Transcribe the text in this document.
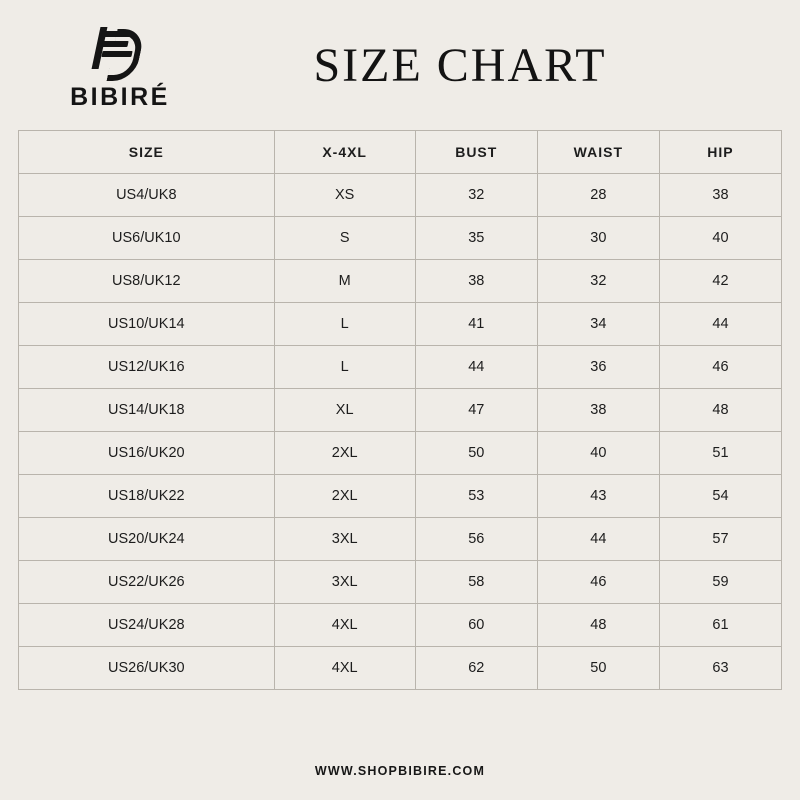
BIBIRÉ
SIZE CHART
SIZE	X-4XL	BUST	WAIST	HIP
US4/UK8	XS	32	28	38
US6/UK10	S	35	30	40
US8/UK12	M	38	32	42
US10/UK14	L	41	34	44
US12/UK16	L	44	36	46
US14/UK18	XL	47	38	48
US16/UK20	2XL	50	40	51
US18/UK22	2XL	53	43	54
US20/UK24	3XL	56	44	57
US22/UK26	3XL	58	46	59
US24/UK28	4XL	60	48	61
US26/UK30	4XL	62	50	63
WWW.SHOPBIBIRE.COM
